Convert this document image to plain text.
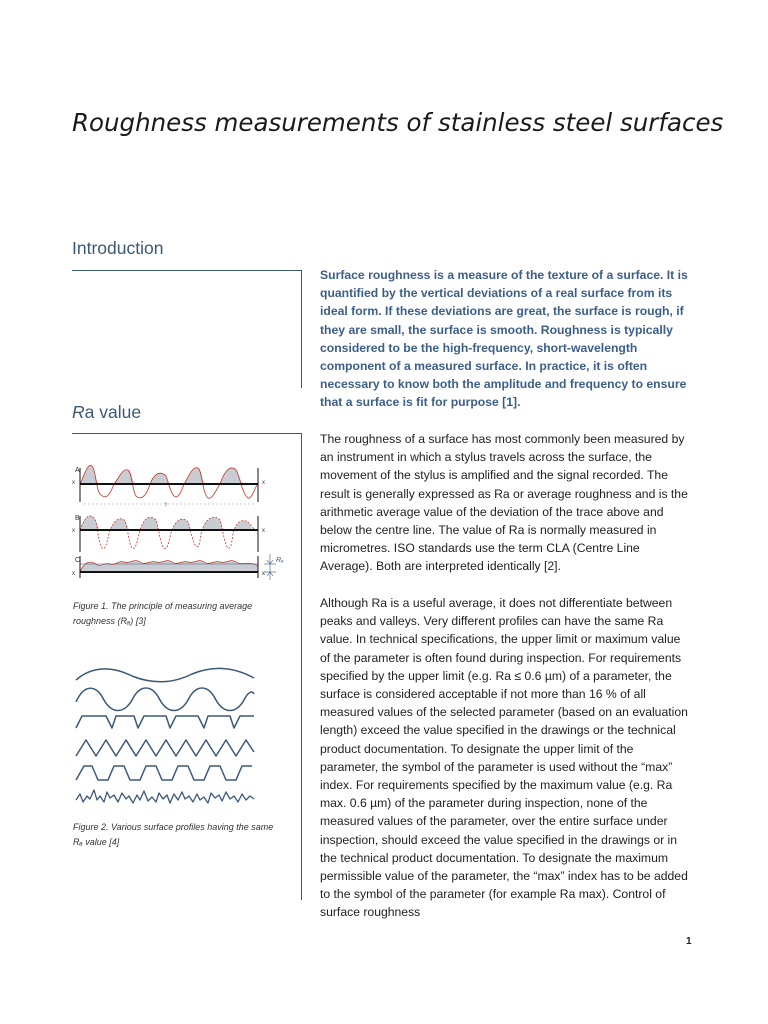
Roughness measurements of stainless steel surfaces
Introduction

Surface roughness is a measure of the texture of a surface. It is quantified by the vertical deviations of a real surface from its ideal form. If these deviations are great, the surface is rough, if they are small, the surface is smooth. Roughness is typically considered to be the high-frequency, short-wavelength component of a measured surface. In practice, it is often necessary to know both the amplitude and frequency to ensure that a surface is fit for purpose [1].

Ra value

The roughness of a surface has most commonly been measured by an instrument in which a stylus travels across the surface, the movement of the stylus is amplified and the signal recorded. The result is generally expressed as Ra or average roughness and is the arithmetic average value of the deviation of the trace above and below the centre line. The value of Ra is normally measured in micrometres. ISO standards use the term CLA (Centre Line Average). Both are interpreted identically [2].

Although Ra is a useful average, it does not differentiate between peaks and valleys. Very different profiles can have the same Ra value. In technical specifications, the upper limit or maximum value of the parameter is often found during inspection. For requirements specified by the upper limit (e.g. Ra ≤ 0.6 µm) of a parameter, the surface is considered acceptable if not more than 16 % of all measured values of the selected parameter (based on an evaluation length) exceed the value specified in the drawings or the technical product documentation. To designate the upper limit of the parameter, the symbol of the parameter is used without the “max” index. For requirements specified by the maximum value (e.g. Ra max. 0.6 µm) of the parameter during inspection, none of the measured values of the parameter, over the entire surface under inspection, should exceed the value specified in the drawings or in the technical product documentation. To designate the maximum permissible value of the parameter, the “max” index has to be added to the symbol of the parameter (for example Ra max). Control of surface roughness

A
x	x
?
B
x	x
C
x	x
Rₐ

Figure 1. The principle of measuring average roughness (Rₐ) [3]

Figure 2. Various surface profiles having the same Rₐ value [4]

1
